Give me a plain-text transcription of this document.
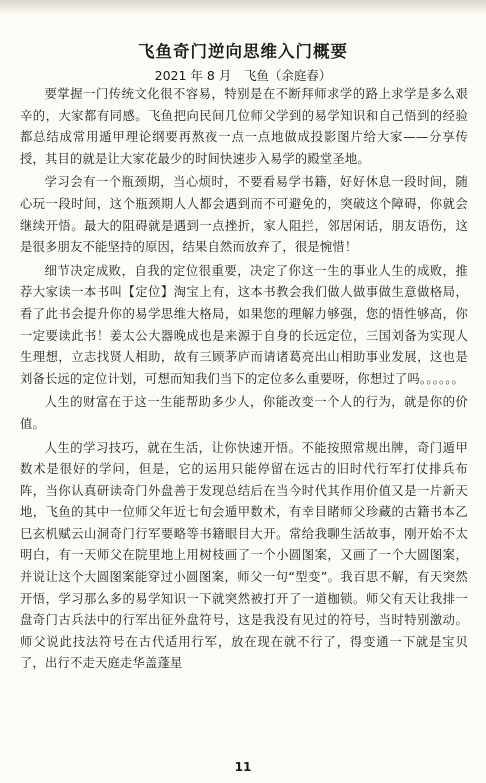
飞鱼奇门逆向思维入门概要
2021 年 8 月　飞鱼（余庭春）

要掌握一门传统文化很不容易，特别是在不断拜师求学的路上求学是多么艰辛的，大家都有同感。飞鱼把向民间几位师父学到的易学知识和自己悟到的经验都总结成常用遁甲理论纲要再熬夜一点一点地做成投影图片给大家——分享传授，其目的就是让大家花最少的时间快速步入易学的殿堂圣地。

学习会有一个瓶颈期，当心烦时，不要看易学书籍，好好休息一段时间，随心玩一段时间，这个瓶颈期人人都会遇到而不可避免的，突破这个障碍，你就会继续开悟。最大的阻碍就是遇到一点挫折，家人阻拦，邻居闲话，朋友语伤，这是很多朋友不能坚持的原因，结果自然而放弃了，很是惋惜！

细节决定成败，自我的定位很重要，决定了你这一生的事业人生的成败，推荐大家读一本书叫【定位】淘宝上有，这本书教会我们做人做事做生意做格局，看了此书会提升你的易学思维大格局，如果您的理解力够强，您的悟性够高，你一定要读此书！姜太公大器晚成也是来源于自身的长远定位，三国刘备为实现人生理想，立志找贤人相助，故有三顾茅庐而请诸葛亮出山相助事业发展，这也是刘备长远的定位计划，可想而知我们当下的定位多么重要呀，你想过了吗。。。。。。

人生的财富在于这一生能帮助多少人，你能改变一个人的行为，就是你的价值。

人生的学习技巧，就在生活，让你快速开悟。不能按照常规出牌，奇门遁甲数术是很好的学问，但是，它的运用只能停留在远古的旧时代行军打仗排兵布阵，当你认真研读奇门外盘善于发现总结后在当今时代其作用价值又是一片新天地，飞鱼的其中一位师父年近七旬会遁甲数术，有幸目睹师父珍藏的古籍书本乙巳玄机赋云山洞奇门行军要略等书籍眼目大开。常给我聊生活故事，刚开始不太明白，有一天师父在院里地上用树枝画了一个小圆图案，又画了一个大圆图案，并说让这个大圆图案能穿过小圆图案，师父一句“型变”。我百思不解，有天突然开悟，学习那么多的易学知识一下就突然被打开了一道枷锁。师父有天让我排一盘奇门古兵法中的行军出征外盘符号，这是我没有见过的符号，当时特别激动。师父说此技法符号在古代适用行军，放在现在就不行了，得变通一下就是宝贝了，出行不走天庭走华盖蓬星

11
